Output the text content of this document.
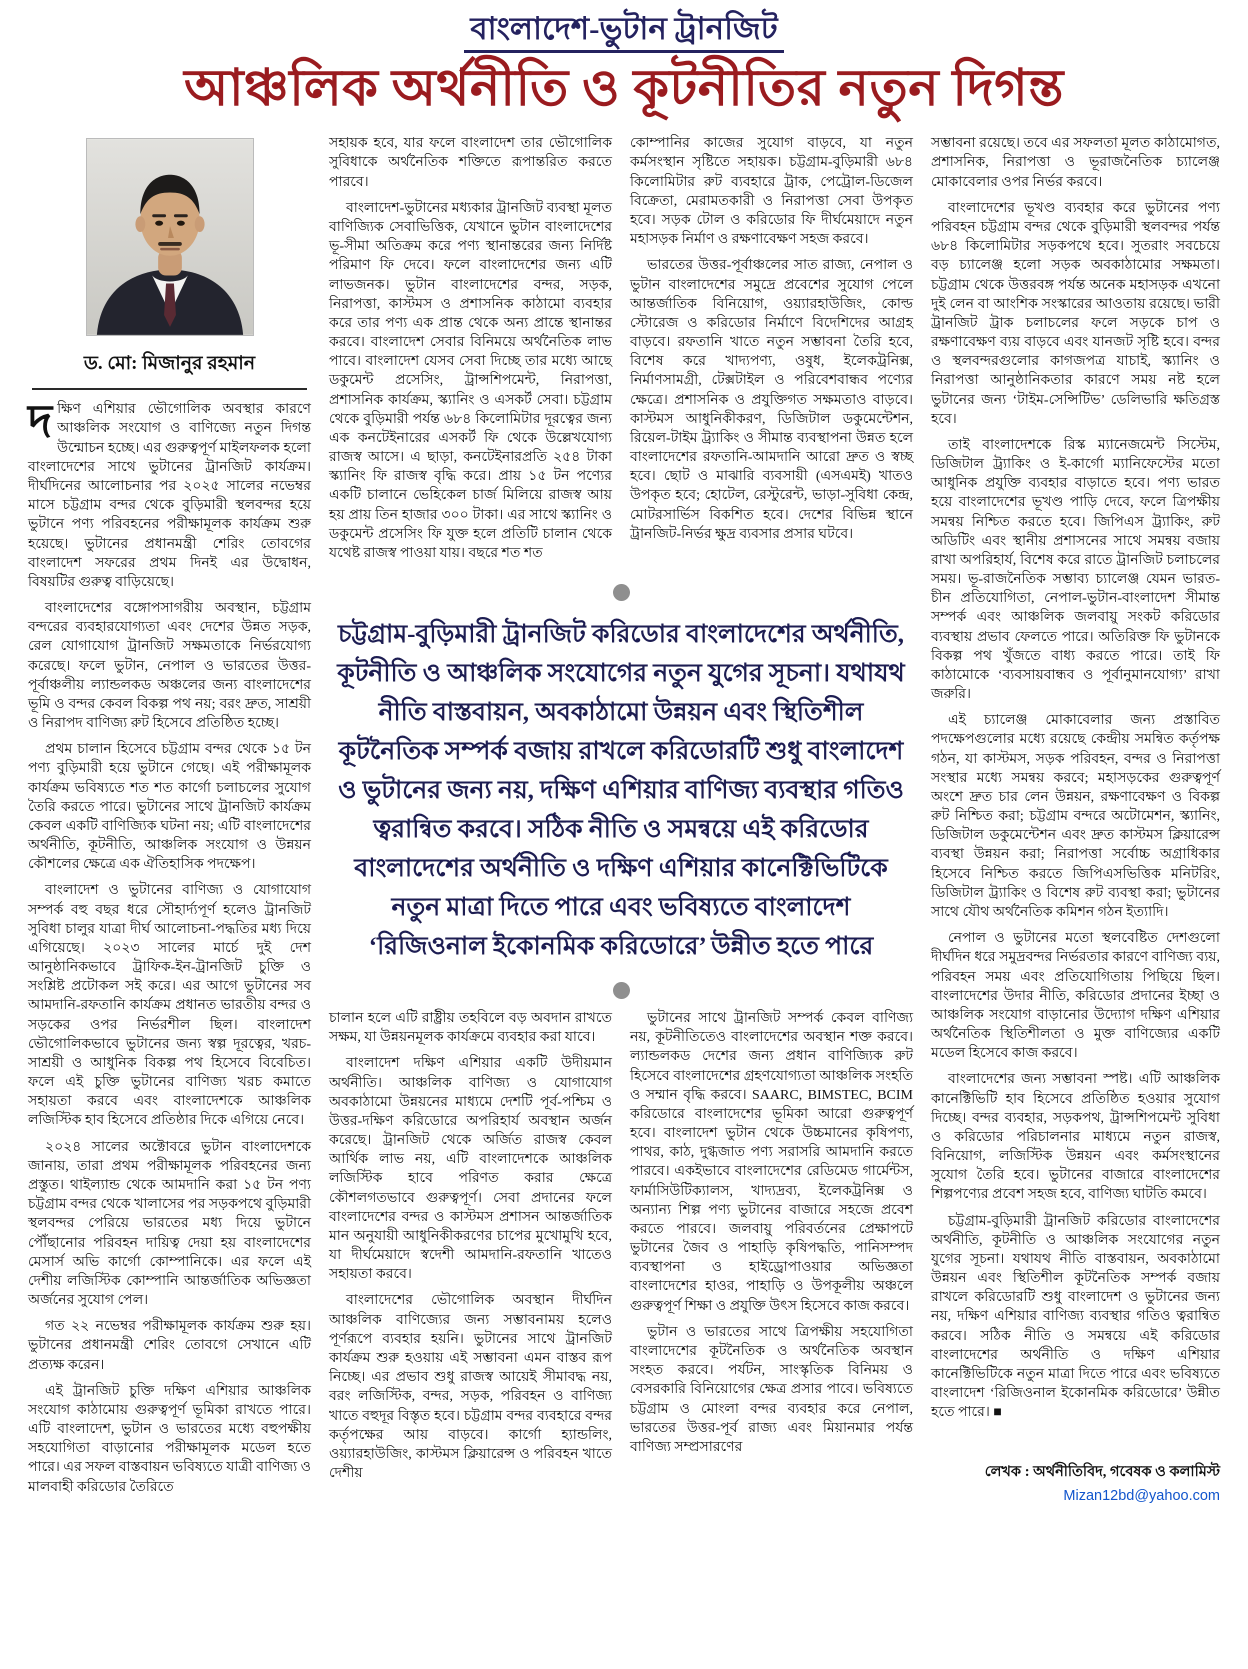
বাংলাদেশ-ভুটান ট্রানজিট
আঞ্চলিক অর্থনীতি ও কূটনীতির নতুন দিগন্ত
ড. মো: মিজানুর রহমান

দক্ষিণ এশিয়ার ভৌগোলিক অবস্থার কারণে আঞ্চলিক সংযোগ ও বাণিজ্যে নতুন দিগন্ত উন্মোচন হচ্ছে। এর গুরুত্বপূর্ণ মাইলফলক হলো বাংলাদেশের সাথে ভুটানের ট্রানজিট কার্যক্রম। দীর্ঘদিনের আলোচনার পর ২০২৫ সালের নভেম্বর মাসে চট্টগ্রাম বন্দর থেকে বুড়িমারী স্থলবন্দর হয়ে ভুটানে পণ্য পরিবহনের পরীক্ষামূলক কার্যক্রম শুরু হয়েছে। ভুটানের প্রধানমন্ত্রী শেরিং তোবগের বাংলাদেশ সফরের প্রথম দিনই এর উদ্বোধন, বিষয়টির গুরুত্ব বাড়িয়েছে।

বাংলাদেশের বঙ্গোপসাগরীয় অবস্থান, চট্টগ্রাম বন্দরের ব্যবহারযোগ্যতা এবং দেশের উন্নত সড়ক, রেল যোগাযোগ ট্রানজিট সক্ষমতাকে নির্ভরযোগ্য করেছে। ফলে ভুটান, নেপাল ও ভারতের উত্তর-পূর্বাঞ্চলীয় ল্যান্ডলকড অঞ্চলের জন্য বাংলাদেশের ভূমি ও বন্দর কেবল বিকল্প পথ নয়; বরং দ্রুত, সাশ্রয়ী ও নিরাপদ বাণিজ্য রুট হিসেবে প্রতিষ্ঠিত হচ্ছে।

প্রথম চালান হিসেবে চট্টগ্রাম বন্দর থেকে ১৫ টন পণ্য বুড়িমারী হয়ে ভুটানে গেছে। এই পরীক্ষামূলক কার্যক্রম ভবিষ্যতে শত শত কার্গো চলাচলের সুযোগ তৈরি করতে পারে। ভুটানের সাথে ট্রানজিট কার্যক্রম কেবল একটি বাণিজ্যিক ঘটনা নয়; এটি বাংলাদেশের অর্থনীতি, কূটনীতি, আঞ্চলিক সংযোগ ও উন্নয়ন কৌশলের ক্ষেত্রে এক ঐতিহাসিক পদক্ষেপ।

বাংলাদেশ ও ভুটানের বাণিজ্য ও যোগাযোগ সম্পর্ক বহু বছর ধরে সৌহার্দ্যপূর্ণ হলেও ট্রানজিট সুবিধা চালুর যাত্রা দীর্ঘ আলোচনা-পদ্ধতির মধ্য দিয়ে এগিয়েছে। ২০২৩ সালের মার্চে দুই দেশ আনুষ্ঠানিকভাবে ট্রাফিক-ইন-ট্রানজিট চুক্তি ও সংশ্লিষ্ট প্রটোকল সই করে। এর আগে ভুটানের সব আমদানি-রফতানি কার্যক্রম প্রধানত ভারতীয় বন্দর ও সড়কের ওপর নির্ভরশীল ছিল। বাংলাদেশ ভৌগোলিকভাবে ভুটানের জন্য স্বল্প দূরত্বের, খরচ-সাশ্রয়ী ও আধুনিক বিকল্প পথ হিসেবে বিবেচিত। ফলে এই চুক্তি ভুটানের বাণিজ্য খরচ কমাতে সহায়তা করবে এবং বাংলাদেশকে আঞ্চলিক লজিস্টিক হাব হিসেবে প্রতিষ্ঠার দিকে এগিয়ে নেবে।

২০২৪ সালের অক্টোবরে ভুটান বাংলাদেশকে জানায়, তারা প্রথম পরীক্ষামূলক পরিবহনের জন্য প্রস্তুত। থাইল্যান্ড থেকে আমদানি করা ১৫ টন পণ্য চট্টগ্রাম বন্দর থেকে খালাসের পর সড়কপথে বুড়িমারী স্থলবন্দর পেরিয়ে ভারতের মধ্য দিয়ে ভুটানে পৌঁছানোর পরিবহন দায়িত্ব দেয়া হয় বাংলাদেশের মেসার্স অভি কার্গো কোম্পানিকে। এর ফলে এই দেশীয় লজিস্টিক কোম্পানি আন্তর্জাতিক অভিজ্ঞতা অর্জনের সুযোগ পেল।

গত ২২ নভেম্বর পরীক্ষামূলক কার্যক্রম শুরু হয়। ভুটানের প্রধানমন্ত্রী শেরিং তোবগে সেখানে এটি প্রত্যক্ষ করেন।

এই ট্রানজিট চুক্তি দক্ষিণ এশিয়ার আঞ্চলিক সংযোগ কাঠামোয় গুরুত্বপূর্ণ ভূমিকা রাখতে পারে। এটি বাংলাদেশ, ভুটান ও ভারতের মধ্যে বহুপক্ষীয় সহযোগিতা বাড়ানোর পরীক্ষামূলক মডেল হতে পারে। এর সফল বাস্তবায়ন ভবিষ্যতে যাত্রী বাণিজ্য ও মালবাহী করিডোর তৈরিতে

সহায়ক হবে, যার ফলে বাংলাদেশ তার ভৌগোলিক সুবিধাকে অর্থনৈতিক শক্তিতে রূপান্তরিত করতে পারবে।

বাংলাদেশ-ভুটানের মধ্যকার ট্রানজিট ব্যবস্থা মূলত বাণিজ্যিক সেবাভিত্তিক, যেখানে ভুটান বাংলাদেশের ভূ-সীমা অতিক্রম করে পণ্য স্থানান্তরের জন্য নির্দিষ্ট পরিমাণ ফি দেবে। ফলে বাংলাদেশের জন্য এটি লাভজনক। ভুটান বাংলাদেশের বন্দর, সড়ক, নিরাপত্তা, কাস্টমস ও প্রশাসনিক কাঠামো ব্যবহার করে তার পণ্য এক প্রান্ত থেকে অন্য প্রান্তে স্থানান্তর করবে। বাংলাদেশ সেবার বিনিময়ে অর্থনৈতিক লাভ পাবে। বাংলাদেশ যেসব সেবা দিচ্ছে তার মধ্যে আছে ডকুমেন্ট প্রসেসিং, ট্রান্সশিপমেন্ট, নিরাপত্তা, প্রশাসনিক কার্যক্রম, স্ক্যানিং ও এসকর্ট সেবা। চট্টগ্রাম থেকে বুড়িমারী পর্যন্ত ৬৮৪ কিলোমিটার দূরত্বের জন্য এক কনটেইনারের এসকর্ট ফি থেকে উল্লেখযোগ্য রাজস্ব আসে। এ ছাড়া, কনটেইনারপ্রতি ২৫৪ টাকা স্ক্যানিং ফি রাজস্ব বৃদ্ধি করে। প্রায় ১৫ টন পণ্যের একটি চালানে ভেহিকেল চার্জ মিলিয়ে রাজস্ব আয় হয় প্রায় তিন হাজার ৩০০ টাকা। এর সাথে স্ক্যানিং ও ডকুমেন্ট প্রসেসিং ফি যুক্ত হলে প্রতিটি চালান থেকে যথেষ্ট রাজস্ব পাওয়া যায়। বছরে শত শত

কোম্পানির কাজের সুযোগ বাড়বে, যা নতুন কর্মসংস্থান সৃষ্টিতে সহায়ক। চট্টগ্রাম-বুড়িমারী ৬৮৪ কিলোমিটার রুট ব্যবহারে ট্রাক, পেট্রোল-ডিজেল বিক্রেতা, মেরামতকারী ও নিরাপত্তা সেবা উপকৃত হবে। সড়ক টোল ও করিডোর ফি দীর্ঘমেয়াদে নতুন মহাসড়ক নির্মাণ ও রক্ষণাবেক্ষণ সহজ করবে।

ভারতের উত্তর-পূর্বাঞ্চলের সাত রাজ্য, নেপাল ও ভুটান বাংলাদেশের সমুদ্রে প্রবেশের সুযোগ পেলে আন্তর্জাতিক বিনিয়োগ, ওয়্যারহাউজিং, কোল্ড স্টোরেজ ও করিডোর নির্মাণে বিদেশিদের আগ্রহ বাড়বে। রফতানি খাতে নতুন সম্ভাবনা তৈরি হবে, বিশেষ করে খাদ্যপণ্য, ওষুধ, ইলেকট্রনিক্স, নির্মাণসামগ্রী, টেক্সটাইল ও পরিবেশবান্ধব পণ্যের ক্ষেত্রে। প্রশাসনিক ও প্রযুক্তিগত সক্ষমতাও বাড়বে। কাস্টমস আধুনিকীকরণ, ডিজিটাল ডকুমেন্টেশন, রিয়েল-টাইম ট্র্যাকিং ও সীমান্ত ব্যবস্থাপনা উন্নত হলে বাংলাদেশের রফতানি-আমদানি আরো দ্রুত ও স্বচ্ছ হবে। ছোট ও মাঝারি ব্যবসায়ী (এসএমই) খাতও উপকৃত হবে; হোটেল, রেস্টুরেন্ট, ভাড়া-সুবিধা কেন্দ্র, মোটরসার্ভিস বিকশিত হবে। দেশের বিভিন্ন স্থানে ট্রানজিট-নির্ভর ক্ষুদ্র ব্যবসার প্রসার ঘটবে।

চট্টগ্রাম-বুড়িমারী ট্রানজিট করিডোর বাংলাদেশের অর্থনীতি, কূটনীতি ও আঞ্চলিক সংযোগের নতুন যুগের সূচনা। যথাযথ নীতি বাস্তবায়ন, অবকাঠামো উন্নয়ন এবং স্থিতিশীল কূটনৈতিক সম্পর্ক বজায় রাখলে করিডোরটি শুধু বাংলাদেশ ও ভুটানের জন্য নয়, দক্ষিণ এশিয়ার বাণিজ্য ব্যবস্থার গতিও ত্বরান্বিত করবে। সঠিক নীতি ও সমন্বয়ে এই করিডোর বাংলাদেশের অর্থনীতি ও দক্ষিণ এশিয়ার কানেক্টিভিটিকে নতুন মাত্রা দিতে পারে এবং ভবিষ্যতে বাংলাদেশ ‘রিজিওনাল ইকোনমিক করিডোরে’ উন্নীত হতে পারে

চালান হলে এটি রাষ্ট্রীয় তহবিলে বড় অবদান রাখতে সক্ষম, যা উন্নয়নমূলক কার্যক্রমে ব্যবহার করা যাবে।

বাংলাদেশ দক্ষিণ এশিয়ার একটি উদীয়মান অর্থনীতি। আঞ্চলিক বাণিজ্য ও যোগাযোগ অবকাঠামো উন্নয়নের মাধ্যমে দেশটি পূর্ব-পশ্চিম ও উত্তর-দক্ষিণ করিডোরে অপরিহার্য অবস্থান অর্জন করেছে। ট্রানজিট থেকে অর্জিত রাজস্ব কেবল আর্থিক লাভ নয়, এটি বাংলাদেশকে আঞ্চলিক লজিস্টিক হাবে পরিণত করার ক্ষেত্রে কৌশলগতভাবে গুরুত্বপূর্ণ। সেবা প্রদানের ফলে বাংলাদেশের বন্দর ও কাস্টমস প্রশাসন আন্তর্জাতিক মান অনুযায়ী আধুনিকীকরণের চাপের মুখোমুখি হবে, যা দীর্ঘমেয়াদে স্বদেশী আমদানি-রফতানি খাতেও সহায়তা করবে।

বাংলাদেশের ভৌগোলিক অবস্থান দীর্ঘদিন আঞ্চলিক বাণিজ্যের জন্য সম্ভাবনাময় হলেও পূর্ণরূপে ব্যবহার হয়নি। ভুটানের সাথে ট্রানজিট কার্যক্রম শুরু হওয়ায় এই সম্ভাবনা এমন বাস্তব রূপ নিচ্ছে। এর প্রভাব শুধু রাজস্ব আয়েই সীমাবদ্ধ নয়, বরং লজিস্টিক, বন্দর, সড়ক, পরিবহন ও বাণিজ্য খাতে বহুদূর বিস্তৃত হবে। চট্টগ্রাম বন্দর ব্যবহারে বন্দর কর্তৃপক্ষের আয় বাড়বে। কার্গো হ্যান্ডলিং, ওয়্যারহাউজিং, কাস্টমস ক্লিয়ারেন্স ও পরিবহন খাতে দেশীয়

ভুটানের সাথে ট্রানজিট সম্পর্ক কেবল বাণিজ্য নয়, কূটনীতিতেও বাংলাদেশের অবস্থান শক্ত করবে। ল্যান্ডলকড দেশের জন্য প্রধান বাণিজ্যিক রুট হিসেবে বাংলাদেশের গ্রহণযোগ্যতা আঞ্চলিক সংহতি ও সম্মান বৃদ্ধি করবে। SAARC, BIMSTEC, BCIM করিডোরে বাংলাদেশের ভূমিকা আরো গুরুত্বপূর্ণ হবে। বাংলাদেশ ভুটান থেকে উচ্চমানের কৃষিপণ্য, পাথর, কাঠ, দুগ্ধজাত পণ্য সরাসরি আমদানি করতে পারবে। একইভাবে বাংলাদেশের রেডিমেড গার্মেন্টস, ফার্মাসিউটিক্যালস, খাদ্যদ্রব্য, ইলেকট্রনিক্স ও অন্যান্য শিল্প পণ্য ভুটানের বাজারে সহজে প্রবেশ করতে পারবে। জলবায়ু পরিবর্তনের প্রেক্ষাপটে ভুটানের জৈব ও পাহাড়ি কৃষিপদ্ধতি, পানিসম্পদ ব্যবস্থাপনা ও হাইড্রোপাওয়ার অভিজ্ঞতা বাংলাদেশের হাওর, পাহাড়ি ও উপকূলীয় অঞ্চলে গুরুত্বপূর্ণ শিক্ষা ও প্রযুক্তি উৎস হিসেবে কাজ করবে।

ভুটান ও ভারতের সাথে ত্রিপক্ষীয় সহযোগিতা বাংলাদেশের কূটনৈতিক ও অর্থনৈতিক অবস্থান সংহত করবে। পর্যটন, সাংস্কৃতিক বিনিময় ও বেসরকারি বিনিয়োগের ক্ষেত্র প্রসার পাবে। ভবিষ্যতে চট্টগ্রাম ও মোংলা বন্দর ব্যবহার করে নেপাল, ভারতের উত্তর-পূর্ব রাজ্য এবং মিয়ানমার পর্যন্ত বাণিজ্য সম্প্রসারণের

সম্ভাবনা রয়েছে। তবে এর সফলতা মূলত কাঠামোগত, প্রশাসনিক, নিরাপত্তা ও ভূরাজনৈতিক চ্যালেঞ্জ মোকাবেলার ওপর নির্ভর করবে।

বাংলাদেশের ভূখণ্ড ব্যবহার করে ভুটানের পণ্য পরিবহন চট্টগ্রাম বন্দর থেকে বুড়িমারী স্থলবন্দর পর্যন্ত ৬৮৪ কিলোমিটার সড়কপথে হবে। সুতরাং সবচেয়ে বড় চ্যালেঞ্জ হলো সড়ক অবকাঠামোর সক্ষমতা। চট্টগ্রাম থেকে উত্তরবঙ্গ পর্যন্ত অনেক মহাসড়ক এখনো দুই লেন বা আংশিক সংস্কারের আওতায় রয়েছে। ভারী ট্রানজিট ট্রাক চলাচলের ফলে সড়কে চাপ ও রক্ষণাবেক্ষণ ব্যয় বাড়বে এবং যানজট সৃষ্টি হবে। বন্দর ও স্থলবন্দরগুলোর কাগজপত্র যাচাই, স্ক্যানিং ও নিরাপত্তা আনুষ্ঠানিকতার কারণে সময় নষ্ট হলে ভুটানের জন্য ‘টাইম-সেন্সিটিভ’ ডেলিভারি ক্ষতিগ্রস্ত হবে।

তাই বাংলাদেশকে রিস্ক ম্যানেজমেন্ট সিস্টেম, ডিজিটাল ট্র্যাকিং ও ই-কার্গো ম্যানিফেস্টের মতো আধুনিক প্রযুক্তি ব্যবহার বাড়াতে হবে। পণ্য ভারত হয়ে বাংলাদেশের ভূখণ্ড পাড়ি দেবে, ফলে ত্রিপক্ষীয় সমন্বয় নিশ্চিত করতে হবে। জিপিএস ট্র্যাকিং, রুট অডিটিং এবং স্থানীয় প্রশাসনের সাথে সমন্বয় বজায় রাখা অপরিহার্য, বিশেষ করে রাতে ট্রানজিট চলাচলের সময়। ভূ-রাজনৈতিক সম্ভাব্য চ্যালেঞ্জ যেমন ভারত-চীন প্রতিযোগিতা, নেপাল-ভুটান-বাংলাদেশ সীমান্ত সম্পর্ক এবং আঞ্চলিক জলবায়ু সংকট করিডোর ব্যবস্থায় প্রভাব ফেলতে পারে। অতিরিক্ত ফি ভুটানকে বিকল্প পথ খুঁজতে বাধ্য করতে পারে। তাই ফি কাঠামোকে ‘ব্যবসায়বান্ধব ও পূর্বানুমানযোগ্য’ রাখা জরুরি।

এই চ্যালেঞ্জ মোকাবেলার জন্য প্রস্তাবিত পদক্ষেপগুলোর মধ্যে রয়েছে কেন্দ্রীয় সমন্বিত কর্তৃপক্ষ গঠন, যা কাস্টমস, সড়ক পরিবহন, বন্দর ও নিরাপত্তা সংস্থার মধ্যে সমন্বয় করবে; মহাসড়কের গুরুত্বপূর্ণ অংশে দ্রুত চার লেন উন্নয়ন, রক্ষণাবেক্ষণ ও বিকল্প রুট নিশ্চিত করা; চট্টগ্রাম বন্দরে অটোমেশন, স্ক্যানিং, ডিজিটাল ডকুমেন্টেশন এবং দ্রুত কাস্টমস ক্লিয়ারেন্স ব্যবস্থা উন্নয়ন করা; নিরাপত্তা সর্বোচ্চ অগ্রাধিকার হিসেবে নিশ্চিত করতে জিপিএসভিত্তিক মনিটরিং, ডিজিটাল ট্র্যাকিং ও বিশেষ রুট ব্যবস্থা করা; ভুটানের সাথে যৌথ অর্থনৈতিক কমিশন গঠন ইত্যাদি।

নেপাল ও ভুটানের মতো স্থলবেষ্টিত দেশগুলো দীর্ঘদিন ধরে সমুদ্রবন্দর নির্ভরতার কারণে বাণিজ্য ব্যয়, পরিবহন সময় এবং প্রতিযোগিতায় পিছিয়ে ছিল। বাংলাদেশের উদার নীতি, করিডোর প্রদানের ইচ্ছা ও আঞ্চলিক সংযোগ বাড়ানোর উদ্যোগ দক্ষিণ এশিয়ার অর্থনৈতিক স্থিতিশীলতা ও মুক্ত বাণিজ্যের একটি মডেল হিসেবে কাজ করবে।

বাংলাদেশের জন্য সম্ভাবনা স্পষ্ট। এটি আঞ্চলিক কানেক্টিভিটি হাব হিসেবে প্রতিষ্ঠিত হওয়ার সুযোগ দিচ্ছে। বন্দর ব্যবহার, সড়কপথ, ট্রান্সশিপমেন্ট সুবিধা ও করিডোর পরিচালনার মাধ্যমে নতুন রাজস্ব, বিনিয়োগ, লজিস্টিক উন্নয়ন এবং কর্মসংস্থানের সুযোগ তৈরি হবে। ভুটানের বাজারে বাংলাদেশের শিল্পপণ্যের প্রবেশ সহজ হবে, বাণিজ্য ঘাটতি কমবে।

চট্টগ্রাম-বুড়িমারী ট্রানজিট করিডোর বাংলাদেশের অর্থনীতি, কূটনীতি ও আঞ্চলিক সংযোগের নতুন যুগের সূচনা। যথাযথ নীতি বাস্তবায়ন, অবকাঠামো উন্নয়ন এবং স্থিতিশীল কূটনৈতিক সম্পর্ক বজায় রাখলে করিডোরটি শুধু বাংলাদেশ ও ভুটানের জন্য নয়, দক্ষিণ এশিয়ার বাণিজ্য ব্যবস্থার গতিও ত্বরান্বিত করবে। সঠিক নীতি ও সমন্বয়ে এই করিডোর বাংলাদেশের অর্থনীতি ও দক্ষিণ এশিয়ার কানেক্টিভিটিকে নতুন মাত্রা দিতে পারে এবং ভবিষ্যতে বাংলাদেশ ‘রিজিওনাল ইকোনমিক করিডোরে’ উন্নীত হতে পারে। ■

লেখক : অর্থনীতিবিদ, গবেষক ও কলামিস্ট
Mizan12bd@yahoo.com
